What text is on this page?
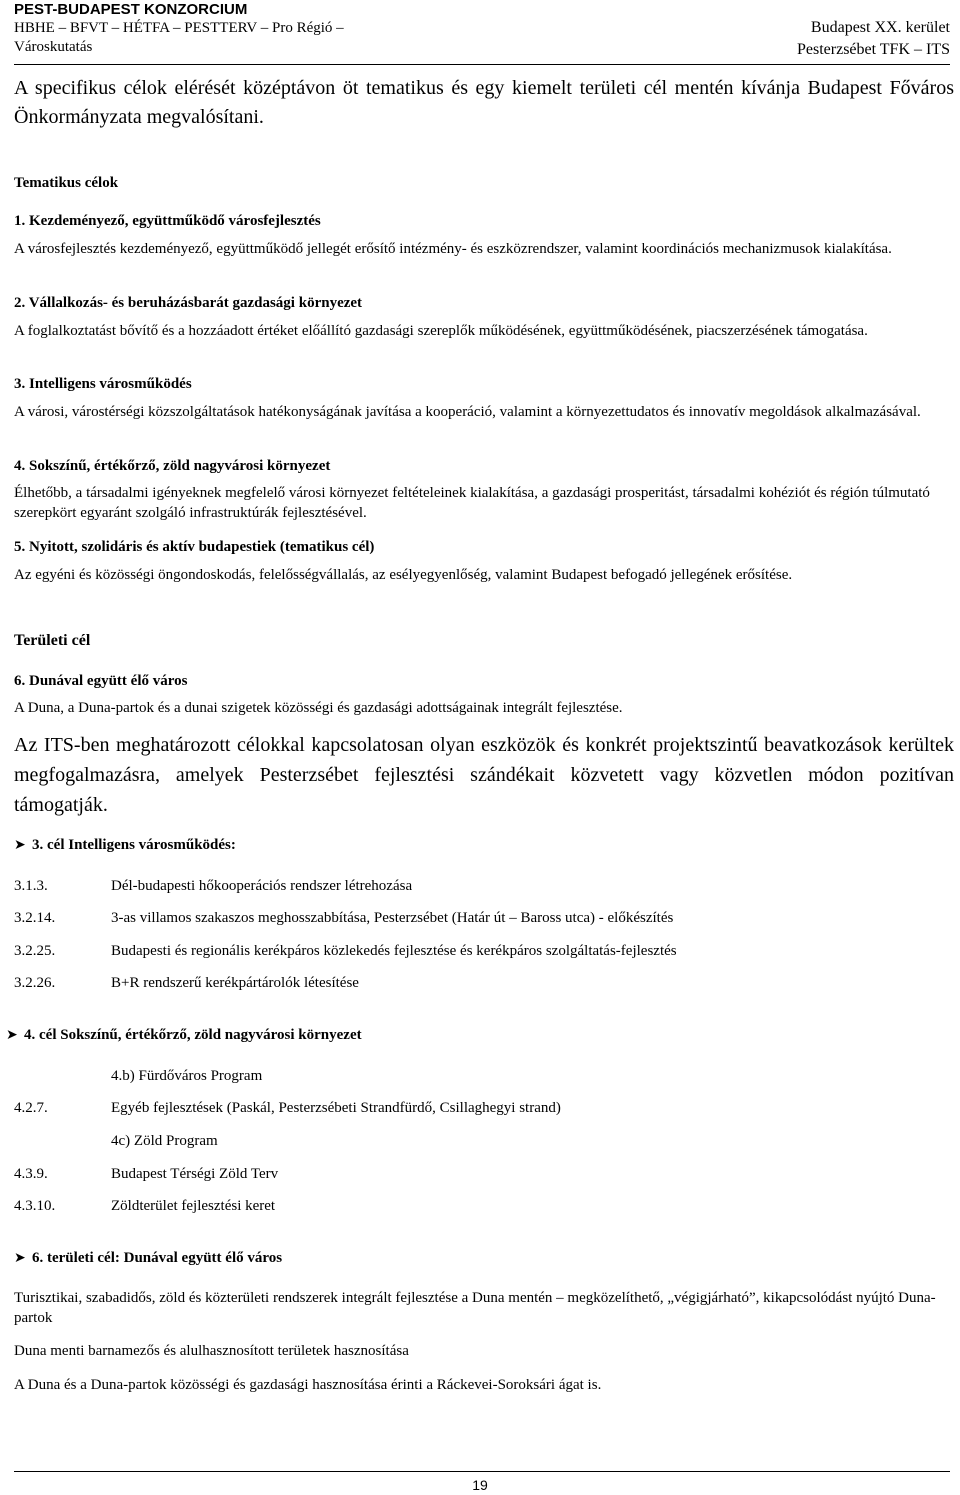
PEST-BUDAPEST KONZORCIUM
HBHE – BFVT – HÉTFA – PESTTERV – Pro Régió –
Városkutatás
Budapest XX. kerület
Pesterzsébet TFK – ITS
A specifikus célok elérését középtávon öt tematikus és egy kiemelt területi cél mentén kívánja Budapest Főváros Önkormányzata megvalósítani.
Tematikus célok
1. Kezdeményező, együttműködő városfejlesztés
A városfejlesztés kezdeményező, együttműködő jellegét erősítő intézmény- és eszközrendszer, valamint koordinációs mechanizmusok kialakítása.
2. Vállalkozás- és beruházásbarát gazdasági környezet
A foglalkoztatást bővítő és a hozzáadott értéket előállító gazdasági szereplők működésének, együttműködésének, piacszerzésének támogatása.
3. Intelligens városműködés
A városi, várostérségi közszolgáltatások hatékonyságának javítása a kooperáció, valamint a környezettudatos és innovatív megoldások alkalmazásával.
4. Sokszínű, értékőrző, zöld nagyvárosi környezet
Élhetőbb, a társadalmi igényeknek megfelelő városi környezet feltételeinek kialakítása, a gazdasági prosperitást, társadalmi kohéziót és régión túlmutató szerepkört egyaránt szolgáló infrastruktúrák fejlesztésével.
5. Nyitott, szolidáris és aktív budapestiek (tematikus cél)
Az egyéni és közösségi öngondoskodás, felelősségvállalás, az esélyegyenlőség, valamint Budapest befogadó jellegének erősítése.
Területi cél
6. Dunával együtt élő város
A Duna, a Duna-partok és a dunai szigetek közösségi és gazdasági adottságainak integrált fejlesztése.
Az ITS-ben meghatározott célokkal kapcsolatosan olyan eszközök és konkrét projektszintű beavatkozások kerültek megfogalmazásra, amelyek Pesterzsébet fejlesztési szándékait közvetett vagy közvetlen módon pozitívan támogatják.
➤ 3. cél Intelligens városműködés:
3.1.3.	Dél-budapesti hőkooperációs rendszer létrehozása
3.2.14.	3-as villamos szakaszos meghosszabbítása, Pesterzsébet (Határ út – Baross utca) - előkészítés
3.2.25.	Budapesti és regionális kerékpáros közlekedés fejlesztése és kerékpáros szolgáltatás-fejlesztés
3.2.26.	B+R rendszerű kerékpártárolók létesítése
➤ 4. cél Sokszínű, értékőrző, zöld nagyvárosi környezet
4.b) Fürdőváros Program
4.2.7.	Egyéb fejlesztések (Paskál, Pesterzsébeti Strandfürdő, Csillaghegyi strand)
4c) Zöld Program
4.3.9.	Budapest Térségi Zöld Terv
4.3.10.	Zöldterület fejlesztési keret
➤ 6. területi cél: Dunával együtt élő város
Turisztikai, szabadidős, zöld és közterületi rendszerek integrált fejlesztése a Duna mentén – megközelíthető, „végigjárható”, kikapcsolódást nyújtó Duna-partok
Duna menti barnamezős és alulhasznosított területek hasznosítása
A Duna és a Duna-partok közösségi és gazdasági hasznosítása érinti a Ráckevei-Soroksári ágat is.
19
